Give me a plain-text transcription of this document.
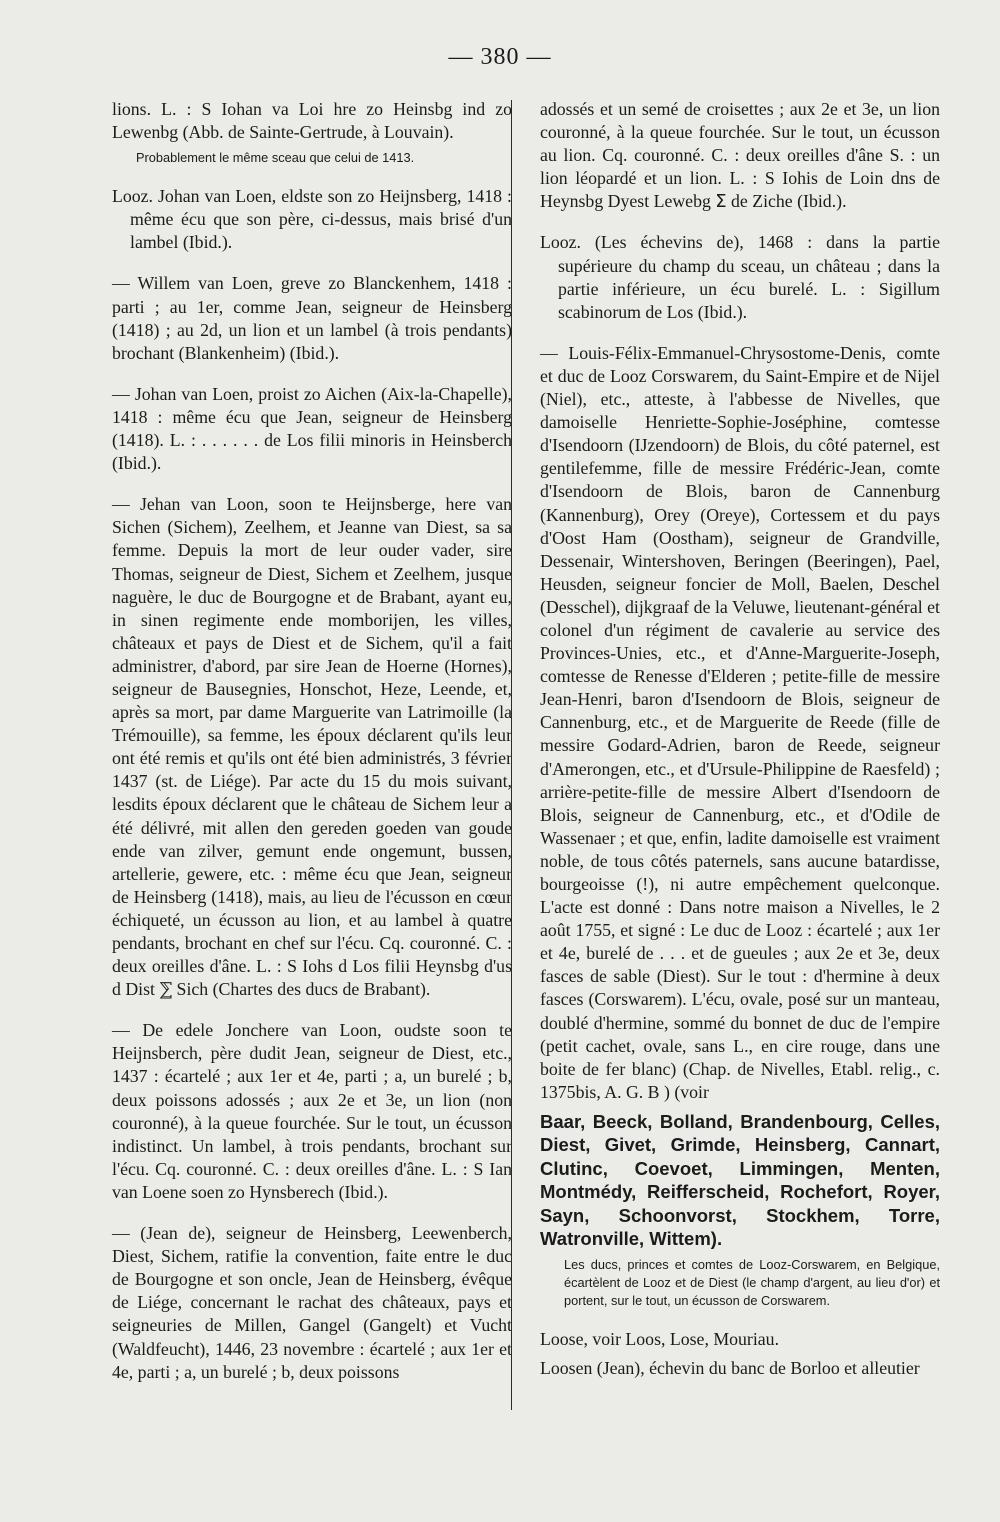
— 380 —

lions. L. : S Iohan va Loi hre zo Heinsbg ind zo Lewenbg (Abb. de Sainte-Gertrude, à Louvain).

Probablement le même sceau que celui de 1413.

Looz. Johan van Loen, eldste son zo Heijnsberg, 1418 : même écu que son père, ci-dessus, mais brisé d'un lambel (Ibid.).

— Willem van Loen, greve zo Blanckenhem, 1418 : parti ; au 1er, comme Jean, seigneur de Heinsberg (1418) ; au 2d, un lion et un lambel (à trois pendants) brochant (Blankenheim) (Ibid.).

— Johan van Loen, proist zo Aichen (Aix-la-Chapelle), 1418 : même écu que Jean, seigneur de Heinsberg (1418). L. : . . . . . . de Los filii minoris in Heinsberch (Ibid.).

— Jehan van Loon, soon te Heijnsberge, here van Sichen (Sichem), Zeelhem, et Jeanne van Diest, sa sa femme. Depuis la mort de leur ouder vader, sire Thomas, seigneur de Diest, Sichem et Zeelhem, jusque naguère, le duc de Bourgogne et de Brabant, ayant eu, in sinen regimente ende momborijen, les villes, châteaux et pays de Diest et de Sichem, qu'il a fait administrer, d'abord, par sire Jean de Hoerne (Hornes), seigneur de Bausegnies, Honschot, Heze, Leende, et, après sa mort, par dame Marguerite van Latrimoille (la Trémouille), sa femme, les époux déclarent qu'ils leur ont été remis et qu'ils ont été bien administrés, 3 février 1437 (st. de Liége). Par acte du 15 du mois suivant, lesdits époux déclarent que le château de Sichem leur a été délivré, mit allen den gereden goeden van goude ende van zilver, gemunt ende ongemunt, bussen, artellerie, gewere, etc. : même écu que Jean, seigneur de Heinsberg (1418), mais, au lieu de l'écusson en cœur échiqueté, un écusson au lion, et au lambel à quatre pendants, brochant en chef sur l'écu. Cq. couronné. C. : deux oreilles d'âne. L. : S Iohs d Los filii Heynsbg d'us d Dist ⅀ Sich (Chartes des ducs de Brabant).

— De edele Jonchere van Loon, oudste soon te Heijnsberch, père dudit Jean, seigneur de Diest, etc., 1437 : écartelé ; aux 1er et 4e, parti ; a, un burelé ; b, deux poissons adossés ; aux 2e et 3e, un lion (non couronné), à la queue fourchée. Sur le tout, un écusson indistinct. Un lambel, à trois pendants, brochant sur l'écu. Cq. couronné. C. : deux oreilles d'âne. L. : S Ian van Loene soen zo Hynsberech (Ibid.).

— (Jean de), seigneur de Heinsberg, Leewenberch, Diest, Sichem, ratifie la convention, faite entre le duc de Bourgogne et son oncle, Jean de Heinsberg, évêque de Liége, concernant le rachat des châteaux, pays et seigneuries de Millen, Gangel (Gangelt) et Vucht (Waldfeucht), 1446, 23 novembre : écartelé ; aux 1er et 4e, parti ; a, un burelé ; b, deux poissons

adossés et un semé de croisettes ; aux 2e et 3e, un lion couronné, à la queue fourchée. Sur le tout, un écusson au lion. Cq. couronné. C. : deux oreilles d'âne S. : un lion léopardé et un lion. L. : S Iohis de Loin dns de Heynsbg Dyest Lewebg ⵉ de Ziche (Ibid.).

Looz. (Les échevins de), 1468 : dans la partie supérieure du champ du sceau, un château ; dans la partie inférieure, un écu burelé. L. : Sigillum scabinorum de Los (Ibid.).

— Louis-Félix-Emmanuel-Chrysostome-Denis, comte et duc de Looz Corswarem, du Saint-Empire et de Nijel (Niel), etc., atteste, à l'abbesse de Nivelles, que damoiselle Henriette-Sophie-Joséphine, comtesse d'Isendoorn (IJzendoorn) de Blois, du côté paternel, est gentilefemme, fille de messire Frédéric-Jean, comte d'Isendoorn de Blois, baron de Cannenburg (Kannenburg), Orey (Oreye), Cortessem et du pays d'Oost Ham (Oostham), seigneur de Grandville, Dessenair, Wintershoven, Beringen (Beeringen), Pael, Heusden, seigneur foncier de Moll, Baelen, Deschel (Desschel), dijkgraaf de la Veluwe, lieutenant-général et colonel d'un régiment de cavalerie au service des Provinces-Unies, etc., et d'Anne-Marguerite-Joseph, comtesse de Renesse d'Elderen ; petite-fille de messire Jean-Henri, baron d'Isendoorn de Blois, seigneur de Cannenburg, etc., et de Marguerite de Reede (fille de messire Godard-Adrien, baron de Reede, seigneur d'Amerongen, etc., et d'Ursule-Philippine de Raesfeld) ; arrière-petite-fille de messire Albert d'Isendoorn de Blois, seigneur de Cannenburg, etc., et d'Odile de Wassenaer ; et que, enfin, ladite damoiselle est vraiment noble, de tous côtés paternels, sans aucune batardisse, bourgeoisse (!), ni autre empêchement quelconque. L'acte est donné : Dans notre maison a Nivelles, le 2 août 1755, et signé : Le duc de Looz : écartelé ; aux 1er et 4e, burelé de . . . et de gueules ; aux 2e et 3e, deux fasces de sable (Diest). Sur le tout : d'hermine à deux fasces (Corswarem). L'écu, ovale, posé sur un manteau, doublé d'hermine, sommé du bonnet de duc de l'empire (petit cachet, ovale, sans L., en cire rouge, dans une boite de fer blanc) (Chap. de Nivelles, Etabl. relig., c. 1375bis, A. G. B ) (voir

Baar, Beeck, Bolland, Brandenbourg, Celles, Diest, Givet, Grimde, Heinsberg, Cannart, Clutinc, Coevoet, Limmingen, Menten, Montmédy, Reifferscheid, Rochefort, Royer, Sayn, Schoonvorst, Stockhem, Torre, Watronville, Wittem).

Les ducs, princes et comtes de Looz-Corswarem, en Belgique, écartèlent de Looz et de Diest (le champ d'argent, au lieu d'or) et portent, sur le tout, un écusson de Corswarem.

Loose, voir Loos, Lose, Mouriau.

Loosen (Jean), échevin du banc de Borloo et alleutier
